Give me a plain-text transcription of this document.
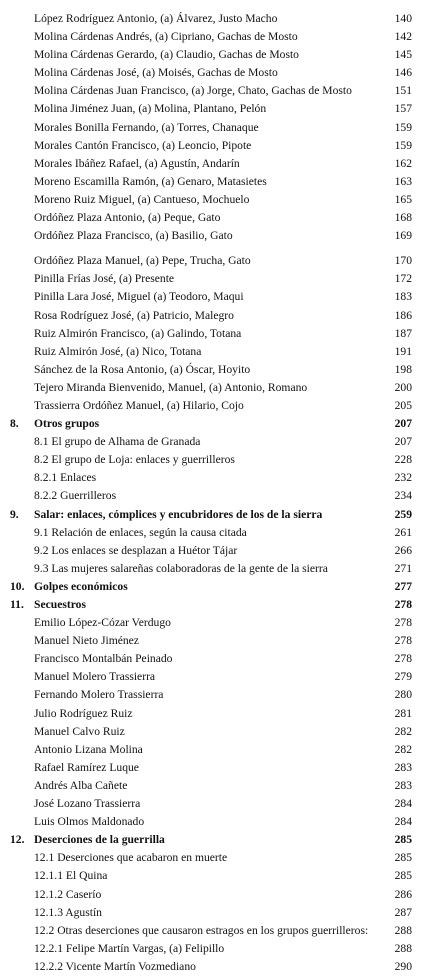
López Rodríguez Antonio, (a) Álvarez, Justo Macho	140
Molina Cárdenas Andrés, (a) Cipriano, Gachas de Mosto	142
Molina Cárdenas Gerardo, (a) Claudio, Gachas de Mosto	145
Molina Cárdenas José, (a) Moisés, Gachas de Mosto	146
Molina Cárdenas Juan Francisco, (a) Jorge, Chato, Gachas de Mosto	151
Molina Jiménez Juan, (a) Molina, Plantano, Pelón	157
Morales Bonilla Fernando, (a) Torres, Chanaque	159
Morales Cantón Francisco, (a) Leoncio, Pipote	159
Morales Ibáñez Rafael, (a) Agustín, Andarín	162
Moreno Escamilla Ramón, (a) Genaro, Matasietes	163
Moreno Ruiz Miguel, (a) Cantueso, Mochuelo	165
Ordóñez Plaza Antonio, (a) Peque, Gato	168
Ordóñez Plaza Francisco, (a) Basilio, Gato	169
Ordóñez Plaza Manuel, (a) Pepe, Trucha, Gato	170
Pinilla Frías José, (a) Presente	172
Pinilla Lara José, Miguel (a) Teodoro, Maqui	183
Rosa Rodríguez José, (a) Patricio, Malegro	186
Ruiz Almirón Francisco, (a) Galindo, Totana	187
Ruiz Almirón José, (a) Nico, Totana	191
Sánchez de la Rosa Antonio, (a) Óscar, Hoyito	198
Tejero Miranda Bienvenido, Manuel, (a) Antonio, Romano	200
Trassierra Ordóñez Manuel, (a) Hilario, Cojo	205
8. Otros grupos	207
8.1 El grupo de Alhama de Granada	207
8.2 El grupo de Loja: enlaces y guerrilleros	228
8.2.1 Enlaces	232
8.2.2 Guerrilleros	234
9. Salar: enlaces, cómplices y encubridores de los de la sierra	259
9.1 Relación de enlaces, según la causa citada	261
9.2 Los enlaces se desplazan a Huétor Tájar	266
9.3 Las mujeres salareñas colaboradoras de la gente de la sierra	271
10. Golpes económicos	277
11. Secuestros	278
Emilio López-Cózar Verdugo	278
Manuel Nieto Jiménez	278
Francisco Montalbán Peinado	278
Manuel Molero Trassierra	279
Fernando Molero Trassierra	280
Julio Rodríguez Ruiz	281
Manuel Calvo Ruiz	282
Antonio Lizana Molina	282
Rafael Ramírez Luque	283
Andrés Alba Cañete	283
José Lozano Trassierra	284
Luis Olmos Maldonado	284
12. Deserciones de la guerrilla	285
12.1 Deserciones que acabaron en muerte	285
12.1.1 El Quina	285
12.1.2 Caserío	286
12.1.3 Agustín	287
12.2 Otras deserciones que causaron estragos en los grupos guerrilleros: 288
12.2.1 Felipe Martín Vargas, (a) Felipillo	288
12.2.2 Vicente Martín Vozmediano	290
